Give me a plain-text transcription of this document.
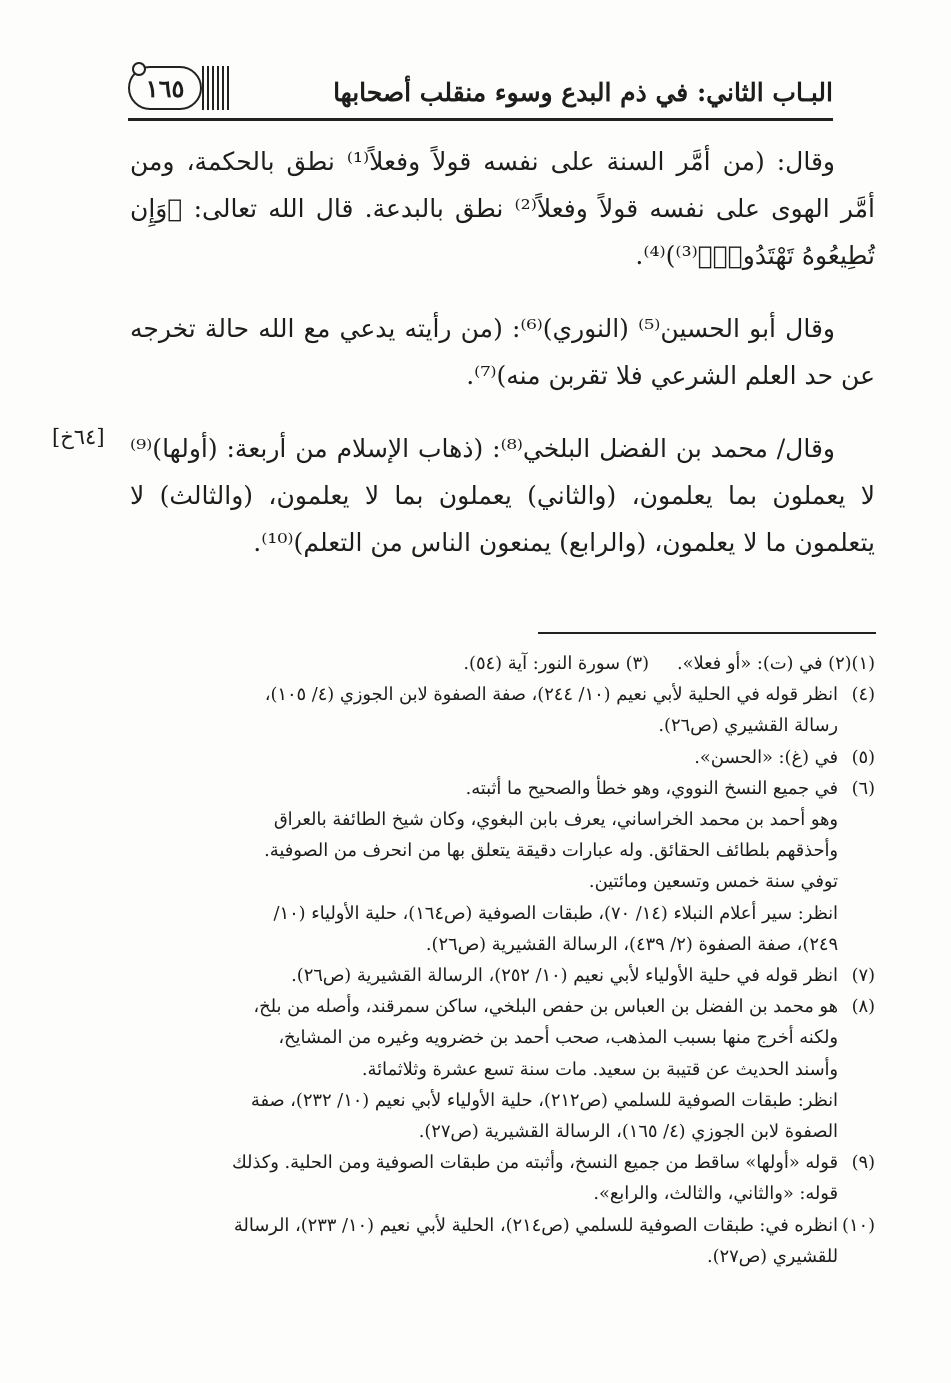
البـاب الثاني: في ذم البدع وسوء منقلب أصحابها
١٦٥

وقال: (من أمَّر السنة على نفسه قولاً وفعلاً⁽¹⁾ نطق بالحكمة، ومن أمَّر الهوى على نفسه قولاً وفعلاً⁽²⁾ نطق بالبدعة. قال الله تعالى: ﴿وَإِن تُطِيعُوهُ تَهْتَدُوا۟﴾⁽³⁾)⁽⁴⁾.

وقال أبو الحسين⁽⁵⁾ (النوري)⁽⁶⁾: (من رأيته يدعي مع الله حالة تخرجه عن حد العلم الشرعي فلا تقربن منه)⁽⁷⁾.

وقال/ محمد بن الفضل البلخي⁽⁸⁾: (ذهاب الإسلام من أربعة: (أولها)⁽⁹⁾ لا يعملون بما يعلمون، (والثاني) يعملون بما لا يعلمون، (والثالث) لا يتعلمون ما لا يعلمون، (والرابع) يمنعون الناس من التعلم)⁽¹⁰⁾.

[٦٤خ]
(١)(٢) في (ت): «أو فعلا».
(٣) سورة النور: آية (٥٤).
(٤)
انظر قوله في الحلية لأبي نعيم (١٠/ ٢٤٤)، صفة الصفوة لابن الجوزي (٤/ ١٠٥)،
رسالة القشيري (ص٢٦).
(٥)
في (غ): «الحسن».
(٦)
في جميع النسخ النووي، وهو خطأ والصحيح ما أثبته.
وهو أحمد بن محمد الخراساني، يعرف بابن البغوي، وكان شيخ الطائفة بالعراق
وأحذقهم بلطائف الحقائق. وله عبارات دقيقة يتعلق بها من انحرف من الصوفية.
توفي سنة خمس وتسعين ومائتين.
انظر: سير أعلام النبلاء (١٤/ ٧٠)، طبقات الصوفية (ص١٦٤)، حلية الأولياء (١٠/
٢٤٩)، صفة الصفوة (٢/ ٤٣٩)، الرسالة القشيرية (ص٢٦).
(٧)
انظر قوله في حلية الأولياء لأبي نعيم (١٠/ ٢٥٢)، الرسالة القشيرية (ص٢٦).
(٨)
هو محمد بن الفضل بن العباس بن حفص البلخي، ساكن سمرقند، وأصله من بلخ،
ولكنه أخرج منها بسبب المذهب، صحب أحمد بن خضرويه وغيره من المشايخ،
وأسند الحديث عن قتيبة بن سعيد. مات سنة تسع عشرة وثلاثمائة.
انظر: طبقات الصوفية للسلمي (ص٢١٢)، حلية الأولياء لأبي نعيم (١٠/ ٢٣٢)، صفة
الصفوة لابن الجوزي (٤/ ١٦٥)، الرسالة القشيرية (ص٢٧).
(٩)
قوله «أولها» ساقط من جميع النسخ، وأثبته من طبقات الصوفية ومن الحلية. وكذلك
قوله: «والثاني، والثالث، والرابع».
(١٠)
انظره في: طبقات الصوفية للسلمي (ص٢١٤)، الحلية لأبي نعيم (١٠/ ٢٣٣)، الرسالة
للقشيري (ص٢٧).
